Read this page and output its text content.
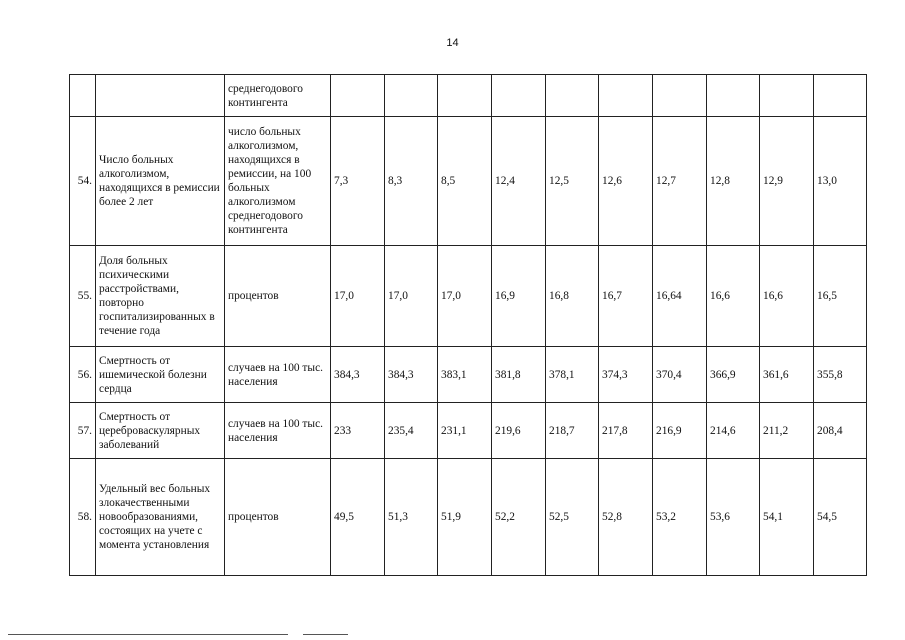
14
		среднегодового контингента										
54.	Число больных алкоголизмом, находящихся в ремиссии более 2 лет	число больных алкоголизмом, находящихся в ремиссии, на 100 больных алкоголизмом среднегодового контингента	7,3	8,3	8,5	12,4	12,5	12,6	12,7	12,8	12,9	13,0
55.	Доля больных психическими расстройствами, повторно госпитализированных в течение года	процентов	17,0	17,0	17,0	16,9	16,8	16,7	16,64	16,6	16,6	16,5
56.	Смертность от ишемической болезни сердца	случаев на 100 тыс. населения	384,3	384,3	383,1	381,8	378,1	374,3	370,4	366,9	361,6	355,8
57.	Смертность от цереброваскулярных заболеваний	случаев на 100 тыс. населения	233	235,4	231,1	219,6	218,7	217,8	216,9	214,6	211,2	208,4
58.	Удельный вес больных злокачественными новообразованиями, состоящих на учете с момента установления	процентов	49,5	51,3	51,9	52,2	52,5	52,8	53,2	53,6	54,1	54,5
